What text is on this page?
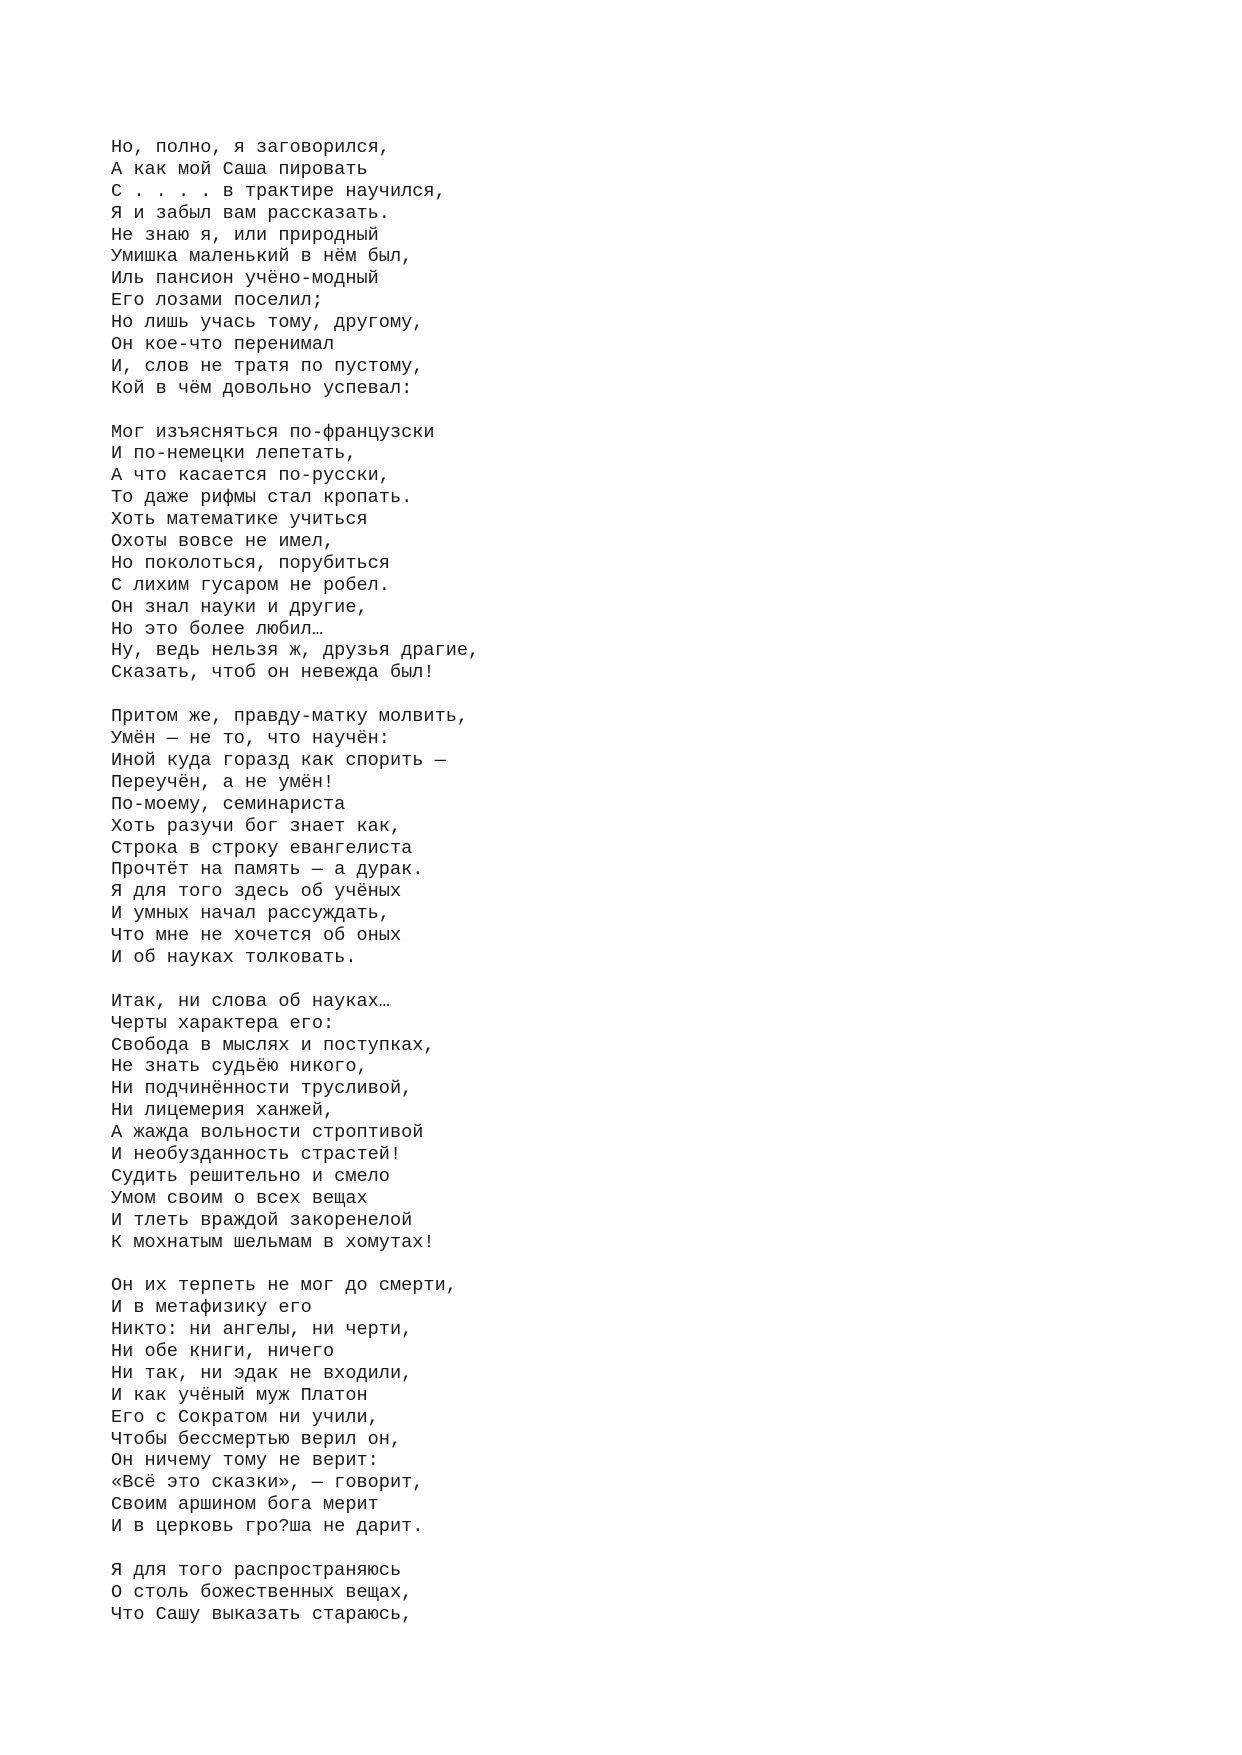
Но, полно, я заговорился,
А как мой Саша пировать
С . . . . в трактире научился,
Я и забыл вам рассказать.
Не знаю я, или природный
Умишка маленький в нём был,
Иль пансион учёно-модный
Его лозами поселил;
Но лишь учась тому, другому,
Он кое-что перенимал
И, слов не тратя по пустому,
Кой в чём довольно успевал:
Мог изъясняться по-французски
И по-немецки лепетать,
А что касается по-русски,
То даже рифмы стал кропать.
Хоть математике учиться
Охоты вовсе не имел,
Но поколоться, порубиться
С лихим гусаром не робел.
Он знал науки и другие,
Но это более любил…
Ну, ведь нельзя ж, друзья драгие,
Сказать, чтоб он невежда был!
Притом же, правду-матку молвить,
Умён — не то, что научён:
Иной куда горазд как спорить —
Переучён, а не умён!
По-моему, семинариста
Хоть разучи бог знает как,
Строка в строку евангелиста
Прочтёт на память — а дурак.
Я для того здесь об учёных
И умных начал рассуждать,
Что мне не хочется об оных
И об науках толковать.
Итак, ни слова об науках…
Черты характера его:
Свобода в мыслях и поступках,
Не знать судьёю никого,
Ни подчинённости трусливой,
Ни лицемерия ханжей,
А жажда вольности строптивой
И необузданность страстей!
Судить решительно и смело
Умом своим о всех вещах
И тлеть враждой закоренелой
К мохнатым шельмам в хомутах!
Он их терпеть не мог до смерти,
И в метафизику его
Никто: ни ангелы, ни черти,
Ни обе книги, ничего
Ни так, ни эдак не входили,
И как учёный муж Платон
Его с Сократом ни учили,
Чтобы бессмертью верил он,
Он ничему тому не верит:
«Всё это сказки», — говорит,
Своим аршином бога мерит
И в церковь гро?ша не дарит.
Я для того распространяюсь
О столь божественных вещах,
Что Сашу выказать стараюсь,
